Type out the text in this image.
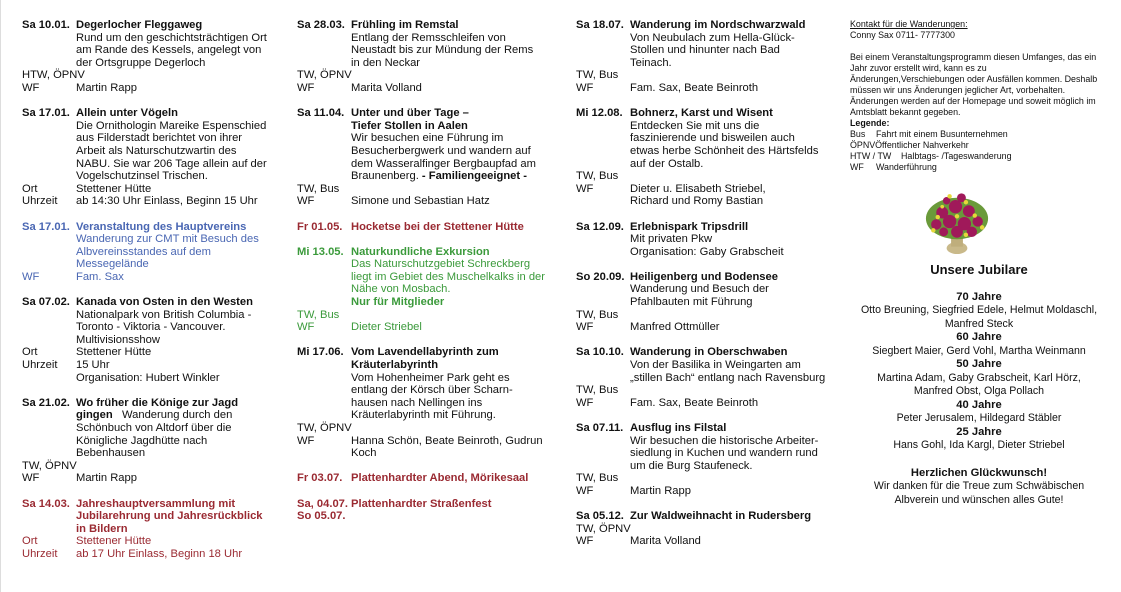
Sa 10.01. Degerlocher Fleggaweg
Rund um den geschichtsträchtigen Ort
am Rande des Kessels, angelegt von
der Ortsgruppe Degerloch
HTW, ÖPNV
WF	Martin Rapp
Sa 17.01. Allein unter Vögeln
Die Ornithologin Mareike Espenschied
aus Filderstadt berichtet von ihrer
Arbeit als Naturschutzwartin des
NABU. Sie war 206 Tage allein auf der
Vogelschutzinsel Trischen.
Ort	Stettener Hütte
Uhrzeit	ab 14:30 Uhr Einlass, Beginn 15 Uhr
Sa 17.01. Veranstaltung des Hauptvereins
Wanderung zur CMT mit Besuch des
Albvereinsstandes auf dem
Messegelände
WF	Fam. Sax
Sa 07.02. Kanada von Osten in den Westen
Nationalpark von British Columbia -
Toronto - Viktoria - Vancouver.
Multivisionsshow
Ort	Stettener Hütte
Uhrzeit	15 Uhr
Organisation: Hubert Winkler
Sa 21.02. Wo früher die Könige zur Jagd
gingen   Wanderung durch den
Schönbuch von Altdorf über die
Königliche Jagdhütte nach
Bebenhausen
TW, ÖPNV
WF	Martin Rapp
Sa 14.03. Jahreshauptversammlung mit
Jubilarehrung und Jahresrückblick
in Bildern
Ort	Stettener Hütte
Uhrzeit	ab 17 Uhr Einlass, Beginn 18 Uhr
Sa 28.03. Frühling im Remstal
Entlang der Remsschleifen von
Neustadt bis zur Mündung der Rems
in den Neckar
TW, ÖPNV
WF	Marita Volland
Sa 11.04. Unter und über Tage –
Tiefer Stollen in Aalen
Wir besuchen eine Führung im
Besucherbergwerk und wandern auf
dem Wasseralfinger Bergbaupfad am
Braunenberg. - Familiengeeignet -
TW, Bus
WF	Simone und Sebastian Hatz
Fr 01.05. Hocketse bei der Stettener Hütte
Mi 13.05. Naturkundliche Exkursion
Das Naturschutzgebiet Schreckberg
liegt im Gebiet des Muschelkalks in der
Nähe von Mosbach.
Nur für Mitglieder
TW, Bus
WF	Dieter Striebel
Mi 17.06. Vom Lavendellabyrinth zum
Kräuterlabyrinth
Vom Hohenheimer Park geht es
entlang der Körsch über Scharn-
hausen nach Nellingen ins
Kräuterlabyrinth mit Führung.
TW, ÖPNV
WF	Hanna Schön, Beate Beinroth, Gudrun
Koch
Fr 03.07. Plattenhardter Abend, Mörikesaal
Sa, 04.07. Plattenhardter Straßenfest
So 05.07.
Sa 18.07. Wanderung im Nordschwarzwald
Von Neubulach zum Hella-Glück-
Stollen und hinunter nach Bad
Teinach.
TW, Bus
WF	Fam. Sax, Beate Beinroth
Mi 12.08. Bohnerz, Karst und Wisent
Entdecken Sie mit uns die
faszinierende und bisweilen auch
etwas herbe Schönheit des Härtsfelds
auf der Ostalb.
TW, Bus
WF	Dieter u. Elisabeth Striebel,
Richard und Romy Bastian
Sa 12.09. Erlebnispark Tripsdrill
Mit privaten Pkw
Organisation: Gaby Grabscheit
So 20.09. Heiligenberg und Bodensee
Wanderung und Besuch der
Pfahlbauten mit Führung
TW, Bus
WF	Manfred Ottmüller
Sa 10.10. Wanderung in Oberschwaben
Von der Basilika in Weingarten am
„stillen Bach“ entlang nach Ravensburg
TW, Bus
WF	Fam. Sax, Beate Beinroth
Sa 07.11. Ausflug ins Filstal
Wir besuchen die historische Arbeiter-
siedlung in Kuchen und wandern rund
um die Burg Staufeneck.
TW, Bus
WF	Martin Rapp
Sa 05.12. Zur Waldweihnacht in Rudersberg
TW, ÖPNV
WF	Marita Volland
Kontakt für die Wanderungen:
Conny Sax 0711- 7777300
Bei einem Veranstaltungsprogramm diesen Umfanges, das ein Jahr zuvor erstellt wird, kann es zu Änderungen,Verschiebungen oder Ausfällen kommen. Deshalb müssen wir uns Änderungen jeglicher Art, vorbehalten. Änderungen werden auf der Homepage und soweit möglich im Amtsblatt bekannt gegeben.
Legende:
Bus	Fahrt mit einem Busunternehmen
ÖPNV Öffentlicher Nahverkehr
HTW / TW	Halbtags- /Tageswanderung
WF	Wanderführung
Unsere Jubilare
70 Jahre
Otto Breuning, Siegfried Edele, Helmut Moldaschl, Manfred Steck
60 Jahre
Siegbert Maier, Gerd Vohl, Martha Weinmann
50 Jahre
Martina Adam, Gaby Grabscheit, Karl Hörz, Manfred Obst, Olga Pollach
40 Jahre
Peter Jerusalem, Hildegard Stäbler
25 Jahre
Hans Gohl, Ida Kargl, Dieter Striebel
Herzlichen Glückwunsch!
Wir danken für die Treue zum Schwäbischen Albverein und wünschen alles Gute!
